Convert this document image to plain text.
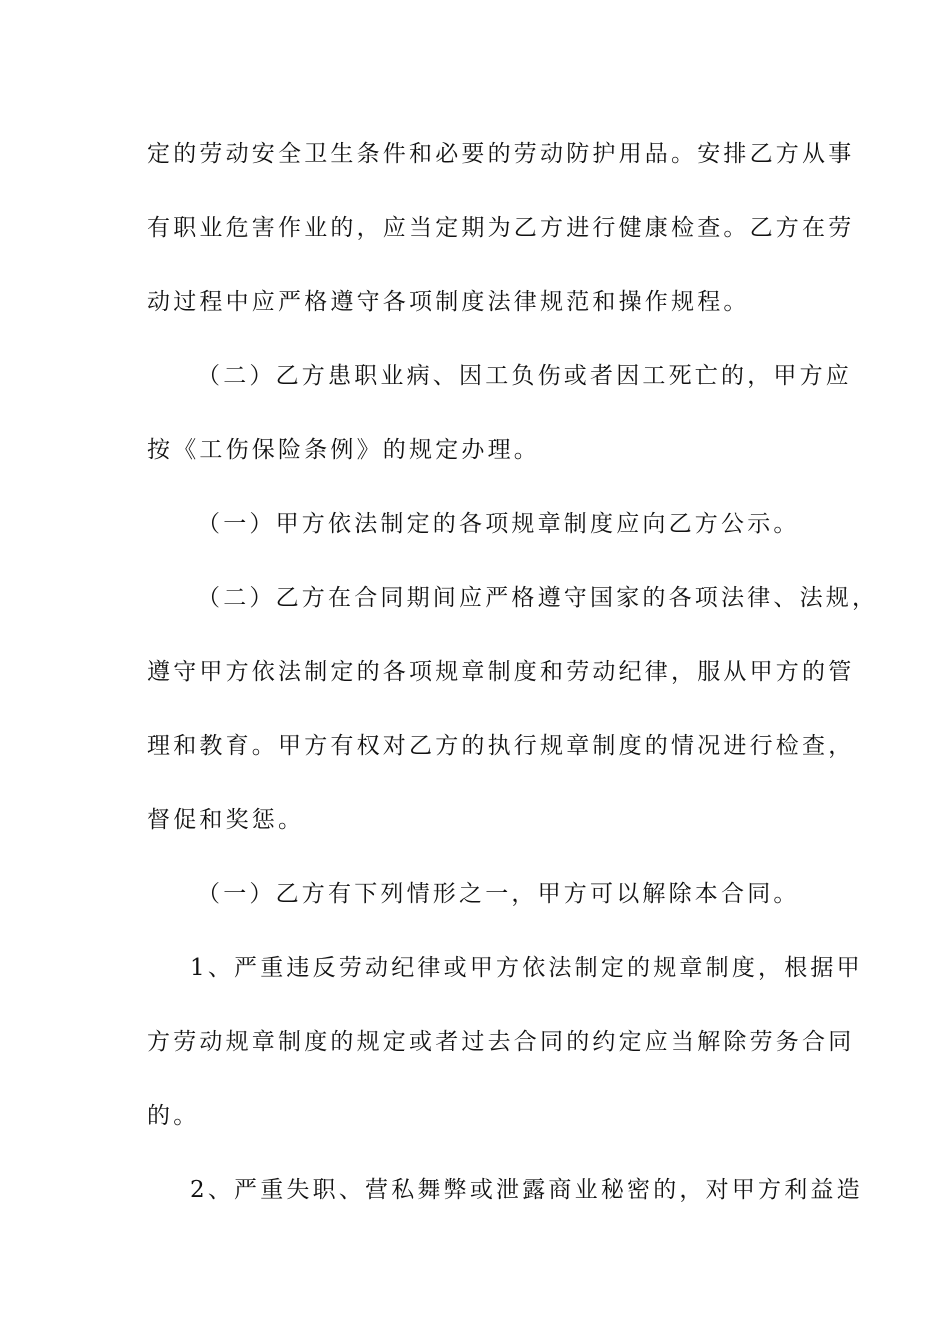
定的劳动安全卫生条件和必要的劳动防护用品。安排乙方从事
有职业危害作业的，应当定期为乙方进行健康检查。乙方在劳
动过程中应严格遵守各项制度法律规范和操作规程。
（二）乙方患职业病、因工负伤或者因工死亡的，甲方应
按《工伤保险条例》的规定办理。
（一）甲方依法制定的各项规章制度应向乙方公示。
（二）乙方在合同期间应严格遵守国家的各项法律、法规，
遵守甲方依法制定的各项规章制度和劳动纪律，服从甲方的管
理和教育。甲方有权对乙方的执行规章制度的情况进行检查，
督促和奖惩。
（一）乙方有下列情形之一，甲方可以解除本合同。
1、严重违反劳动纪律或甲方依法制定的规章制度，根据甲
方劳动规章制度的规定或者过去合同的约定应当解除劳务合同
的。
2、严重失职、营私舞弊或泄露商业秘密的，对甲方利益造
